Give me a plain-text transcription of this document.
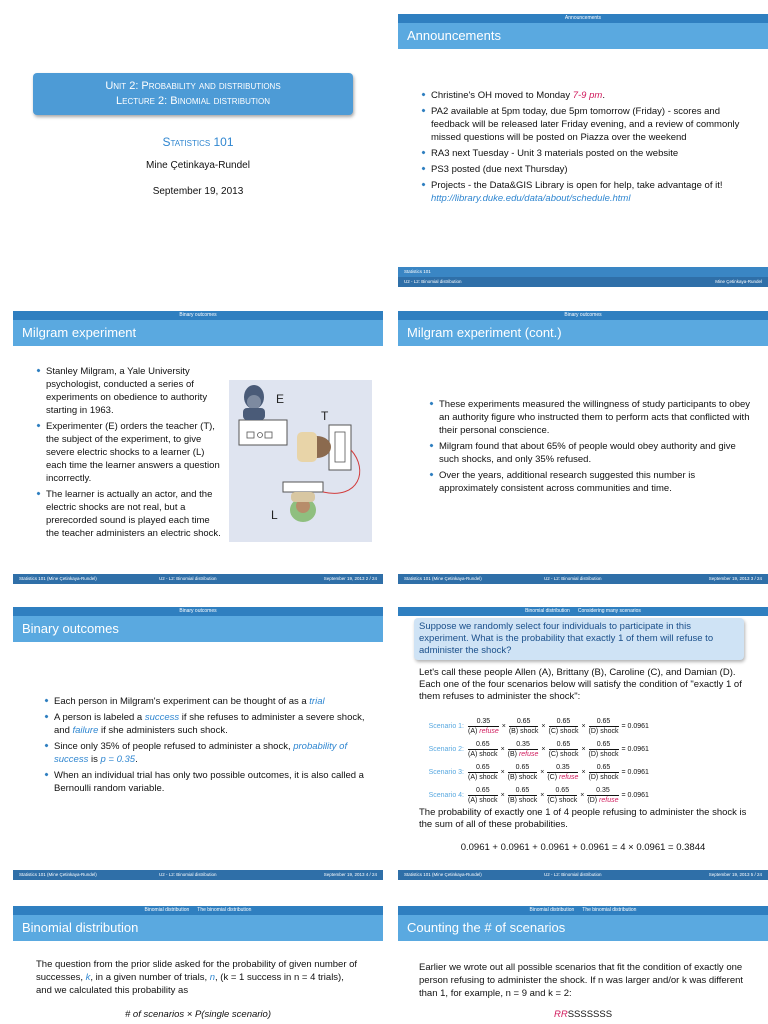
Unit 2: Probability and distributions
Lecture 2: Binomial distribution
Statistics 101
Mine Çetinkaya-Rundel
September 19, 2013
Announcements
Announcements
Christine's OH moved to Monday 7-9 pm.
PA2 available at 5pm today, due 5pm tomorrow (Friday) - scores and feedback will be released later Friday evening, and a review of commonly missed questions will be posted on Piazza over the weekend
RA3 next Tuesday - Unit 3 materials posted on the website
PS3 posted (due next Thursday)
Projects - the Data&GIS Library is open for help, take advantage of it! http://library.duke.edu/data/about/schedule.html
Statistics 101
U2 - L2: Binomial distribution	Mine Çetinkaya-Rundel
Binary outcomes
Milgram experiment
Stanley Milgram, a Yale University psychologist, conducted a series of experiments on obedience to authority starting in 1963.
Experimenter (E) orders the teacher (T), the subject of the experiment, to give severe electric shocks to a learner (L) each time the learner answers a question incorrectly.
The learner is actually an actor, and the electric shocks are not real, but a prerecorded sound is played each time the teacher administers an electric shock.
E
T
L
Statistics 101 (Mine Çetinkaya-Rundel)	U2 - L2: Binomial distribution	September 19, 2013 2 / 24
Binary outcomes
Milgram experiment (cont.)
These experiments measured the willingness of study participants to obey an authority figure who instructed them to perform acts that conflicted with their personal conscience.
Milgram found that about 65% of people would obey authority and give such shocks, and only 35% refused.
Over the years, additional research suggested this number is approximately consistent across communities and time.
Statistics 101 (Mine Çetinkaya-Rundel)	U2 - L2: Binomial distribution	September 19, 2013 3 / 24
Binary outcomes
Binary outcomes
Each person in Milgram's experiment can be thought of as a trial
A person is labeled a success if she refuses to administer a severe shock, and failure if she administers such shock.
Since only 35% of people refused to administer a shock, probability of success is p = 0.35.
When an individual trial has only two possible outcomes, it is also called a Bernoulli random variable.
Statistics 101 (Mine Çetinkaya-Rundel)	U2 - L2: Binomial distribution	September 19, 2013 4 / 24
Binomial distribution Considering many scenarios
Suppose we randomly select four individuals to participate in this experiment. What is the probability that exactly 1 of them will refuse to administer the shock?
Let's call these people Allen (A), Brittany (B), Caroline (C), and Damian (D). Each one of the four scenarios below will satisfy the condition of "exactly 1 of them refuses to administer the shock":
Scenario 1: $\frac{0.35}{\text{(A) refuse}} \times \frac{0.65}{\text{(B) shock}} \times \frac{0.65}{\text{(C) shock}} \times \frac{0.65}{\text{(D) shock}} = 0.0961$
Scenario 2: $\frac{0.65}{\text{(A) shock}} \times \frac{0.35}{\text{(B) refuse}} \times \frac{0.65}{\text{(C) shock}} \times \frac{0.65}{\text{(D) shock}} = 0.0961$
Scenario 3: $\frac{0.65}{\text{(A) shock}} \times \frac{0.65}{\text{(B) shock}} \times \frac{0.35}{\text{(C) refuse}} \times \frac{0.65}{\text{(D) shock}} = 0.0961$
Scenario 4: $\frac{0.65}{\text{(A) shock}} \times \frac{0.65}{\text{(B) shock}} \times \frac{0.65}{\text{(C) shock}} \times \frac{0.35}{\text{(D) refuse}} = 0.0961$
The probability of exactly one 1 of 4 people refusing to administer the shock is the sum of all of these probabilities.
0.0961 + 0.0961 + 0.0961 + 0.0961 = 4 × 0.0961 = 0.3844
Statistics 101 (Mine Çetinkaya-Rundel)	U2 - L2: Binomial distribution	September 19, 2013 5 / 24
Binomial distribution The binomial distribution
Binomial distribution
The question from the prior slide asked for the probability of given number of successes, k, in a given number of trials, n, (k = 1 success in n = 4 trials), and we calculated this probability as
# of scenarios × P(single scenario)
Binomial distribution The binomial distribution
Counting the # of scenarios
Earlier we wrote out all possible scenarios that fit the condition of exactly one person refusing to administer the shock. If n was larger and/or k was different than 1, for example, n = 9 and k = 2:
RRSSSSSSS
